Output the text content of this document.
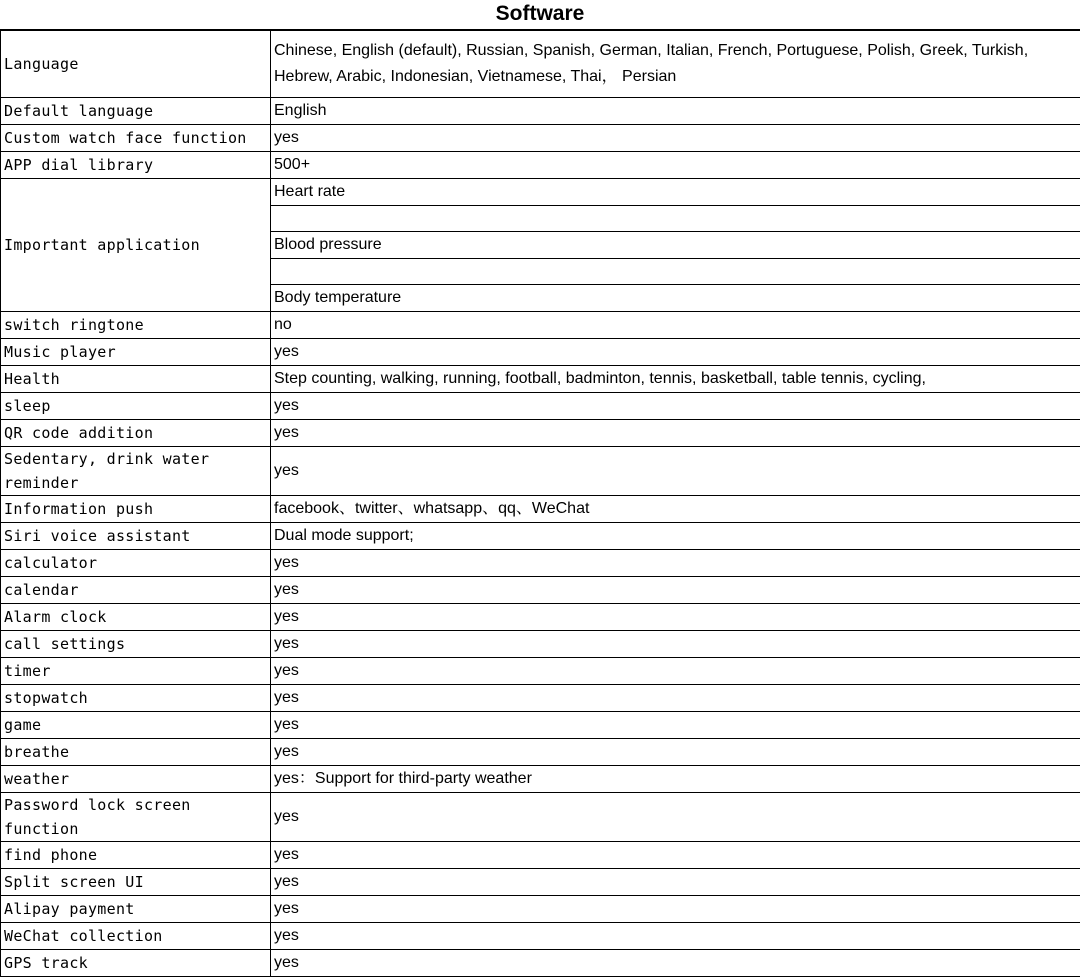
Software
Language	Chinese, English (default), Russian, Spanish, German, Italian, French, Portuguese, Polish, Greek, Turkish, Hebrew, Arabic, Indonesian, Vietnamese, Thai， Persian
Default language	English
Custom watch face function	yes
APP dial library	500+
Important application	Heart rate

	Blood pressure

	Body temperature
switch ringtone	no
Music player	yes
Health	Step counting, walking, running, football, badminton, tennis, basketball, table tennis, cycling,
sleep	yes
QR code addition	yes
Sedentary, drink water reminder	yes
Information push	facebook、twitter、whatsapp、qq、WeChat
Siri voice assistant	Dual mode support;
calculator	yes
calendar	yes
Alarm clock	yes
call settings	yes
timer	yes
stopwatch	yes
game	yes
breathe	yes
weather	yes：Support for third-party weather
Password lock screen function	yes
find phone	yes
Split screen UI	yes
Alipay payment	yes
WeChat collection	yes
GPS track	yes
